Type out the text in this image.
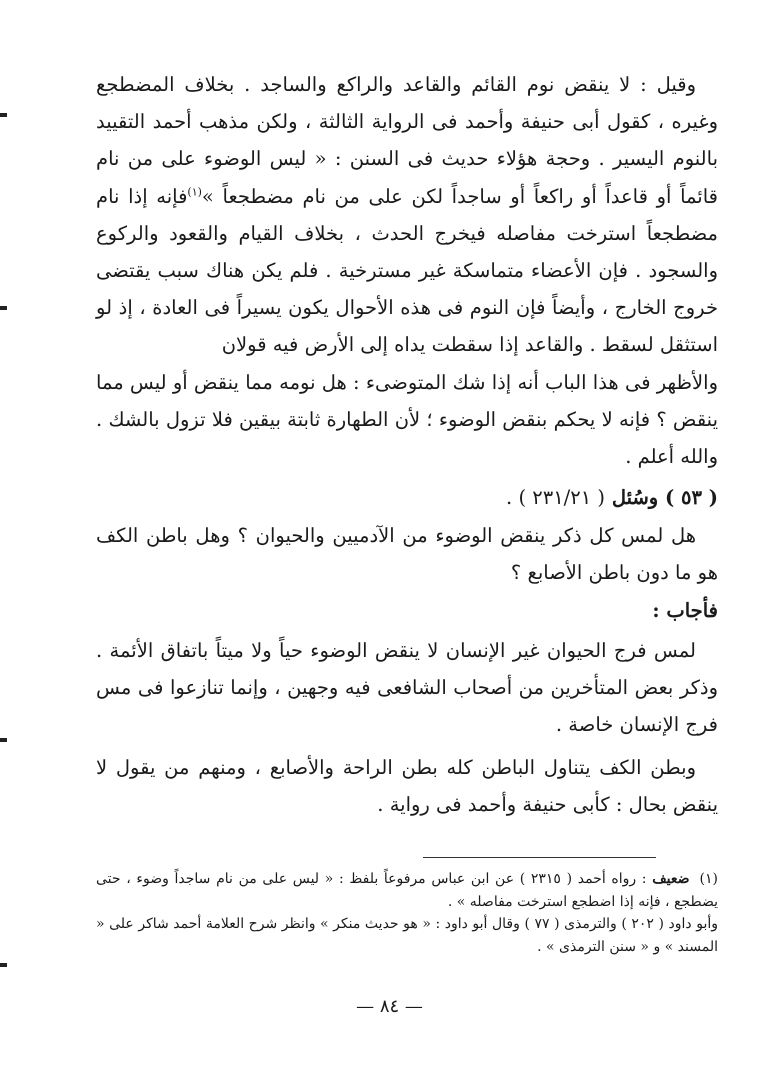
وقيل : لا ينقض نوم القائم والقاعد والراكع والساجد . بخلاف المضطجع وغيره ، كقول أبى حنيفة وأحمد فى الرواية الثالثة ، ولكن مذهب أحمد التقييد بالنوم اليسير . وحجة هؤلاء حديث فى السنن : « ليس الوضوء على من نام قائماً أو قاعداً أو راكعاً أو ساجداً لكن على من نام مضطجعاً »$^{(١)}$فإنه إذا نام مضطجعاً استرخت مفاصله فيخرج الحدث ، بخلاف القيام والقعود والركوع والسجود . فإن الأعضاء متماسكة غير مسترخية . فلم يكن هناك سبب يقتضى خروج الخارج ، وأيضاً فإن النوم فى هذه الأحوال يكون يسيراً فى العادة ، إذ لو استثقل لسقط . والقاعد إذا سقطت يداه إلى الأرض فيه قولان

والأظهر فى هذا الباب أنه إذا شك المتوضىء : هل نومه مما ينقض أو ليس مما ينقض ؟ فإنه لا يحكم بنقض الوضوء ؛ لأن الطهارة ثابتة بيقين فلا تزول بالشك . والله أعلم .

( ٥٣ ) وسُئل ( ٢٣١/٢١ ) .

هل لمس كل ذكر ينقض الوضوء من الآدميين والحيوان ؟ وهل باطن الكف هو ما دون باطن الأصابع ؟

فأجاب :

لمس فرج الحيوان غير الإنسان لا ينقض الوضوء حياً ولا ميتاً باتفاق الأئمة . وذكر بعض المتأخرين من أصحاب الشافعى فيه وجهين ، وإنما تنازعوا فى مس فرج الإنسان خاصة .

وبطن الكف يتناول الباطن كله بطن الراحة والأصابع ، ومنهم من يقول لا ينقض بحال : كأبى حنيفة وأحمد فى رواية .

(١)ضعيف : رواه أحمد ( ٢٣١٥ ) عن ابن عباس مرفوعاً بلفظ : « ليس على من نام ساجداً وضوء ، حتى يضطجع ، فإنه إذا اضطجع استرخت مفاصله » .

وأبو داود ( ٢٠٢ ) والترمذى ( ٧٧ ) وقال أبو داود : « هو حديث منكر » وانظر شرح العلامة أحمد شاكر على « المسند » و « سنن الترمذى » .

— ٨٤ —
